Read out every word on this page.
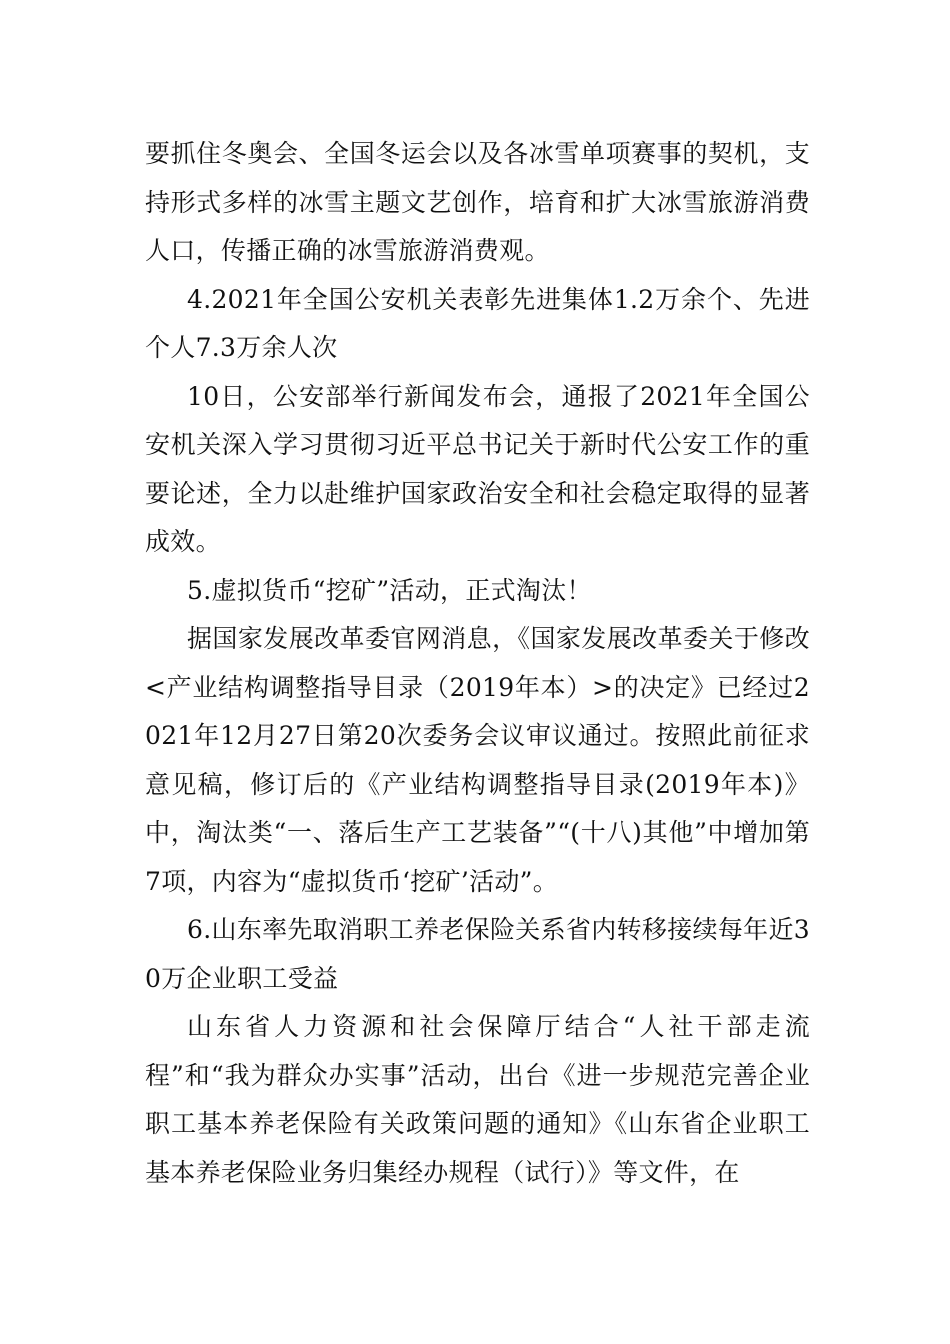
要抓住冬奥会、全国冬运会以及各冰雪单项赛事的契机，支持形式多样的冰雪主题文艺创作，培育和扩大冰雪旅游消费人口，传播正确的冰雪旅游消费观。

4.2021年全国公安机关表彰先进集体1.2万余个、先进个人7.3万余人次

10日，公安部举行新闻发布会，通报了2021年全国公安机关深入学习贯彻习近平总书记关于新时代公安工作的重要论述，全力以赴维护国家政治安全和社会稳定取得的显著成效。

5.虚拟货币“挖矿”活动，正式淘汰！

据国家发展改革委官网消息，《国家发展改革委关于修改<产业结构调整指导目录（2019年本）>的决定》已经过2021年12月27日第20次委务会议审议通过。按照此前征求意见稿，修订后的《产业结构调整指导目录(2019年本)》中，淘汰类“一、落后生产工艺装备”“(十八)其他”中增加第7项，内容为“虚拟货币‘挖矿’活动”。

6.山东率先取消职工养老保险关系省内转移接续每年近30万企业职工受益

山东省人力资源和社会保障厅结合“人社干部走流程”和“我为群众办实事”活动，出台《进一步规范完善企业职工基本养老保险有关政策问题的通知》《山东省企业职工基本养老保险业务归集经办规程（试行）》等文件，在
